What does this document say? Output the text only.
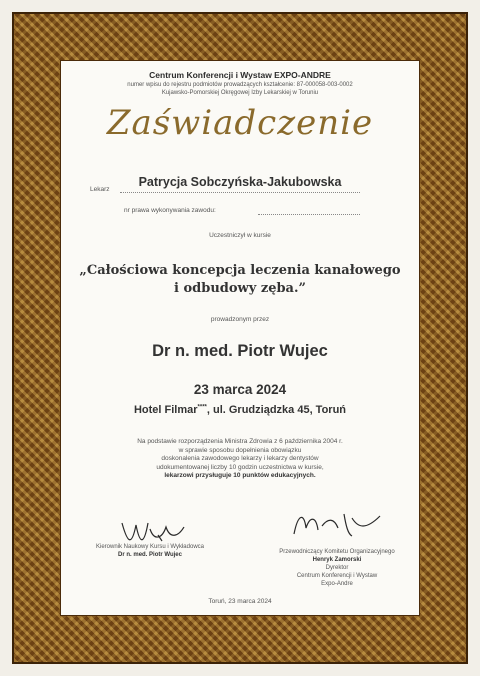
Centrum Konferencji i Wystaw EXPO-ANDRE
numer wpisu do rejestru podmiotów prowadzących kształcenie: 87-000058-003-0002
Kujawsko-Pomorskiej Okręgowej Izby Lekarskiej w Toruniu
Zaświadczenie
Lekarz
Patrycja Sobczyńska-Jakubowska
nr prawa wykonywania zawodu:
Uczestniczył w kursie
„Całościowa koncepcja leczenia kanałowego
i odbudowy zęba.”
prowadzonym przez
Dr n. med. Piotr Wujec
23 marca 2024
Hotel Filmar****, ul. Grudziądzka 45, Toruń
Na podstawie rozporządzenia Ministra Zdrowia z 6 października 2004 r.
w sprawie sposobu dopełnienia obowiązku
doskonalenia zawodowego lekarzy i lekarzy dentystów
udokumentowanej liczby 10 godzin uczestnictwa w kursie,
lekarzowi przysługuje 10 punktów edukacyjnych.
Kierownik Naukowy Kursu i Wykładowca
Dr n. med. Piotr Wujec	Przewodniczący Komitetu Organizacyjnego
Henryk Zamorski
Dyrektor
Centrum Konferencji i Wystaw
Expo-Andre
Toruń, 23 marca 2024
